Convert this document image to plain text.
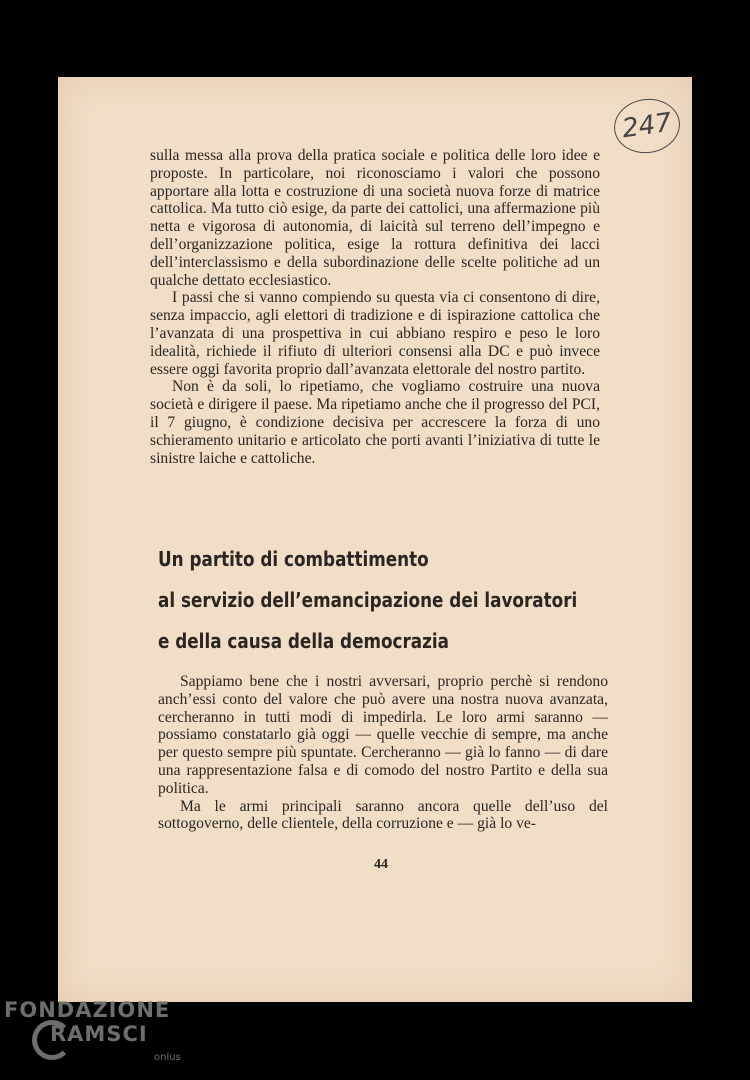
247

sulla messa alla prova della pratica sociale e politica delle loro idee e proposte. In particolare, noi riconosciamo i valori che possono apportare alla lotta e costruzione di una società nuova forze di matrice cattolica. Ma tutto ciò esige, da parte dei cattolici, una affermazione più netta e vigorosa di autonomia, di laicità sul terreno dell’impegno e dell’organizzazione politica, esige la rottura definitiva dei lacci dell’interclassismo e della subordinazione delle scelte politiche ad un qualche dettato ecclesiastico.

I passi che si vanno compiendo su questa via ci consentono di dire, senza impaccio, agli elettori di tradizione e di ispirazione cattolica che l’avanzata di una prospettiva in cui abbiano respiro e peso le loro idealità, richiede il rifiuto di ulteriori consensi alla DC e può invece essere oggi favorita proprio dall’avanzata elettorale del nostro partito.

Non è da soli, lo ripetiamo, che vogliamo costruire una nuova società e dirigere il paese. Ma ripetiamo anche che il progresso del PCI, il 7 giugno, è condizione decisiva per accrescere la forza di uno schieramento unitario e articolato che porti avanti l’iniziativa di tutte le sinistre laiche e cattoliche.

Un partito di combattimento
al servizio dell’emancipazione dei lavoratori
e della causa della democrazia

Sappiamo bene che i nostri avversari, proprio perchè si rendono anch’essi conto del valore che può avere una nostra nuova avanzata, cercheranno in tutti modi di impedirla. Le loro armi saranno — possiamo constatarlo già oggi — quelle vecchie di sempre, ma anche per questo sempre più spuntate. Cercheranno — già lo fanno — di dare una rappresentazione falsa e di comodo del nostro Partito e della sua politica.

Ma le armi principali saranno ancora quelle dell’uso del sottogoverno, delle clientele, della corruzione e — già lo ve-

44
FONDAZIONE
RAMSCI
onlus
